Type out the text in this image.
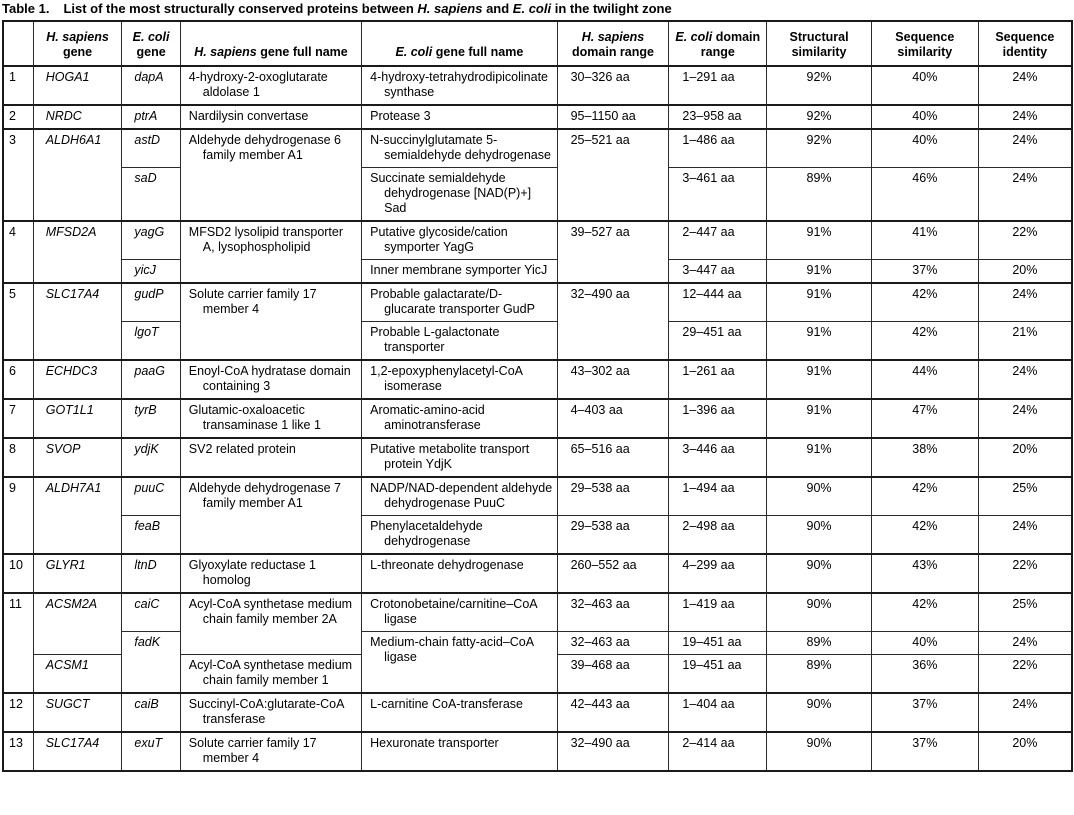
Table 1. List of the most structurally conserved proteins between H. sapiens and E. coli in the twilight zone
	H. sapiens gene	E. coli gene	H. sapiens gene full name	E. coli gene full name	H. sapiens domain range	E. coli domain range	Structural similarity	Sequence similarity	Sequence identity
1	HOGA1	dapA	4-hydroxy-2-oxoglutarate aldolase 1	4-hydroxy-tetrahydrodipicolinate synthase	30–326 aa	1–291 aa	92%	40%	24%
2	NRDC	ptrA	Nardilysin convertase	Protease 3	95–1150 aa	23–958 aa	92%	40%	24%
3	ALDH6A1	astD	Aldehyde dehydrogenase 6 family member A1	N-succinylglutamate 5-semialdehyde dehydrogenase	25–521 aa	1–486 aa	92%	40%	24%
		saD		Succinate semialdehyde dehydrogenase [NAD(P)+] Sad		3–461 aa	89%	46%	24%
4	MFSD2A	yagG	MFSD2 lysolipid transporter A, lysophospholipid	Putative glycoside/cation symporter YagG	39–527 aa	2–447 aa	91%	41%	22%
		yicJ		Inner membrane symporter YicJ		3–447 aa	91%	37%	20%
5	SLC17A4	gudP	Solute carrier family 17 member 4	Probable galactarate/D-glucarate transporter GudP	32–490 aa	12–444 aa	91%	42%	24%
		lgoT		Probable L-galactonate transporter		29–451 aa	91%	42%	21%
6	ECHDC3	paaG	Enoyl-CoA hydratase domain containing 3	1,2-epoxyphenylacetyl-CoA isomerase	43–302 aa	1–261 aa	91%	44%	24%
7	GOT1L1	tyrB	Glutamic-oxaloacetic transaminase 1 like 1	Aromatic-amino-acid aminotransferase	4–403 aa	1–396 aa	91%	47%	24%
8	SVOP	ydjK	SV2 related protein	Putative metabolite transport protein YdjK	65–516 aa	3–446 aa	91%	38%	20%
9	ALDH7A1	puuC	Aldehyde dehydrogenase 7 family member A1	NADP/NAD-dependent aldehyde dehydrogenase PuuC	29–538 aa	1–494 aa	90%	42%	25%
		feaB		Phenylacetaldehyde dehydrogenase	29–538 aa	2–498 aa	90%	42%	24%
10	GLYR1	ltnD	Glyoxylate reductase 1 homolog	L-threonate dehydrogenase	260–552 aa	4–299 aa	90%	43%	22%
11	ACSM2A	caiC	Acyl-CoA synthetase medium chain family member 2A	Crotonobetaine/carnitine–CoA ligase	32–463 aa	1–419 aa	90%	42%	25%
		fadK		Medium-chain fatty-acid–CoA ligase	32–463 aa	19–451 aa	89%	40%	24%
	ACSM1		Acyl-CoA synthetase medium chain family member 1		39–468 aa	19–451 aa	89%	36%	22%
12	SUGCT	caiB	Succinyl-CoA:glutarate-CoA transferase	L-carnitine CoA-transferase	42–443 aa	1–404 aa	90%	37%	24%
13	SLC17A4	exuT	Solute carrier family 17 member 4	Hexuronate transporter	32–490 aa	2–414 aa	90%	37%	20%
